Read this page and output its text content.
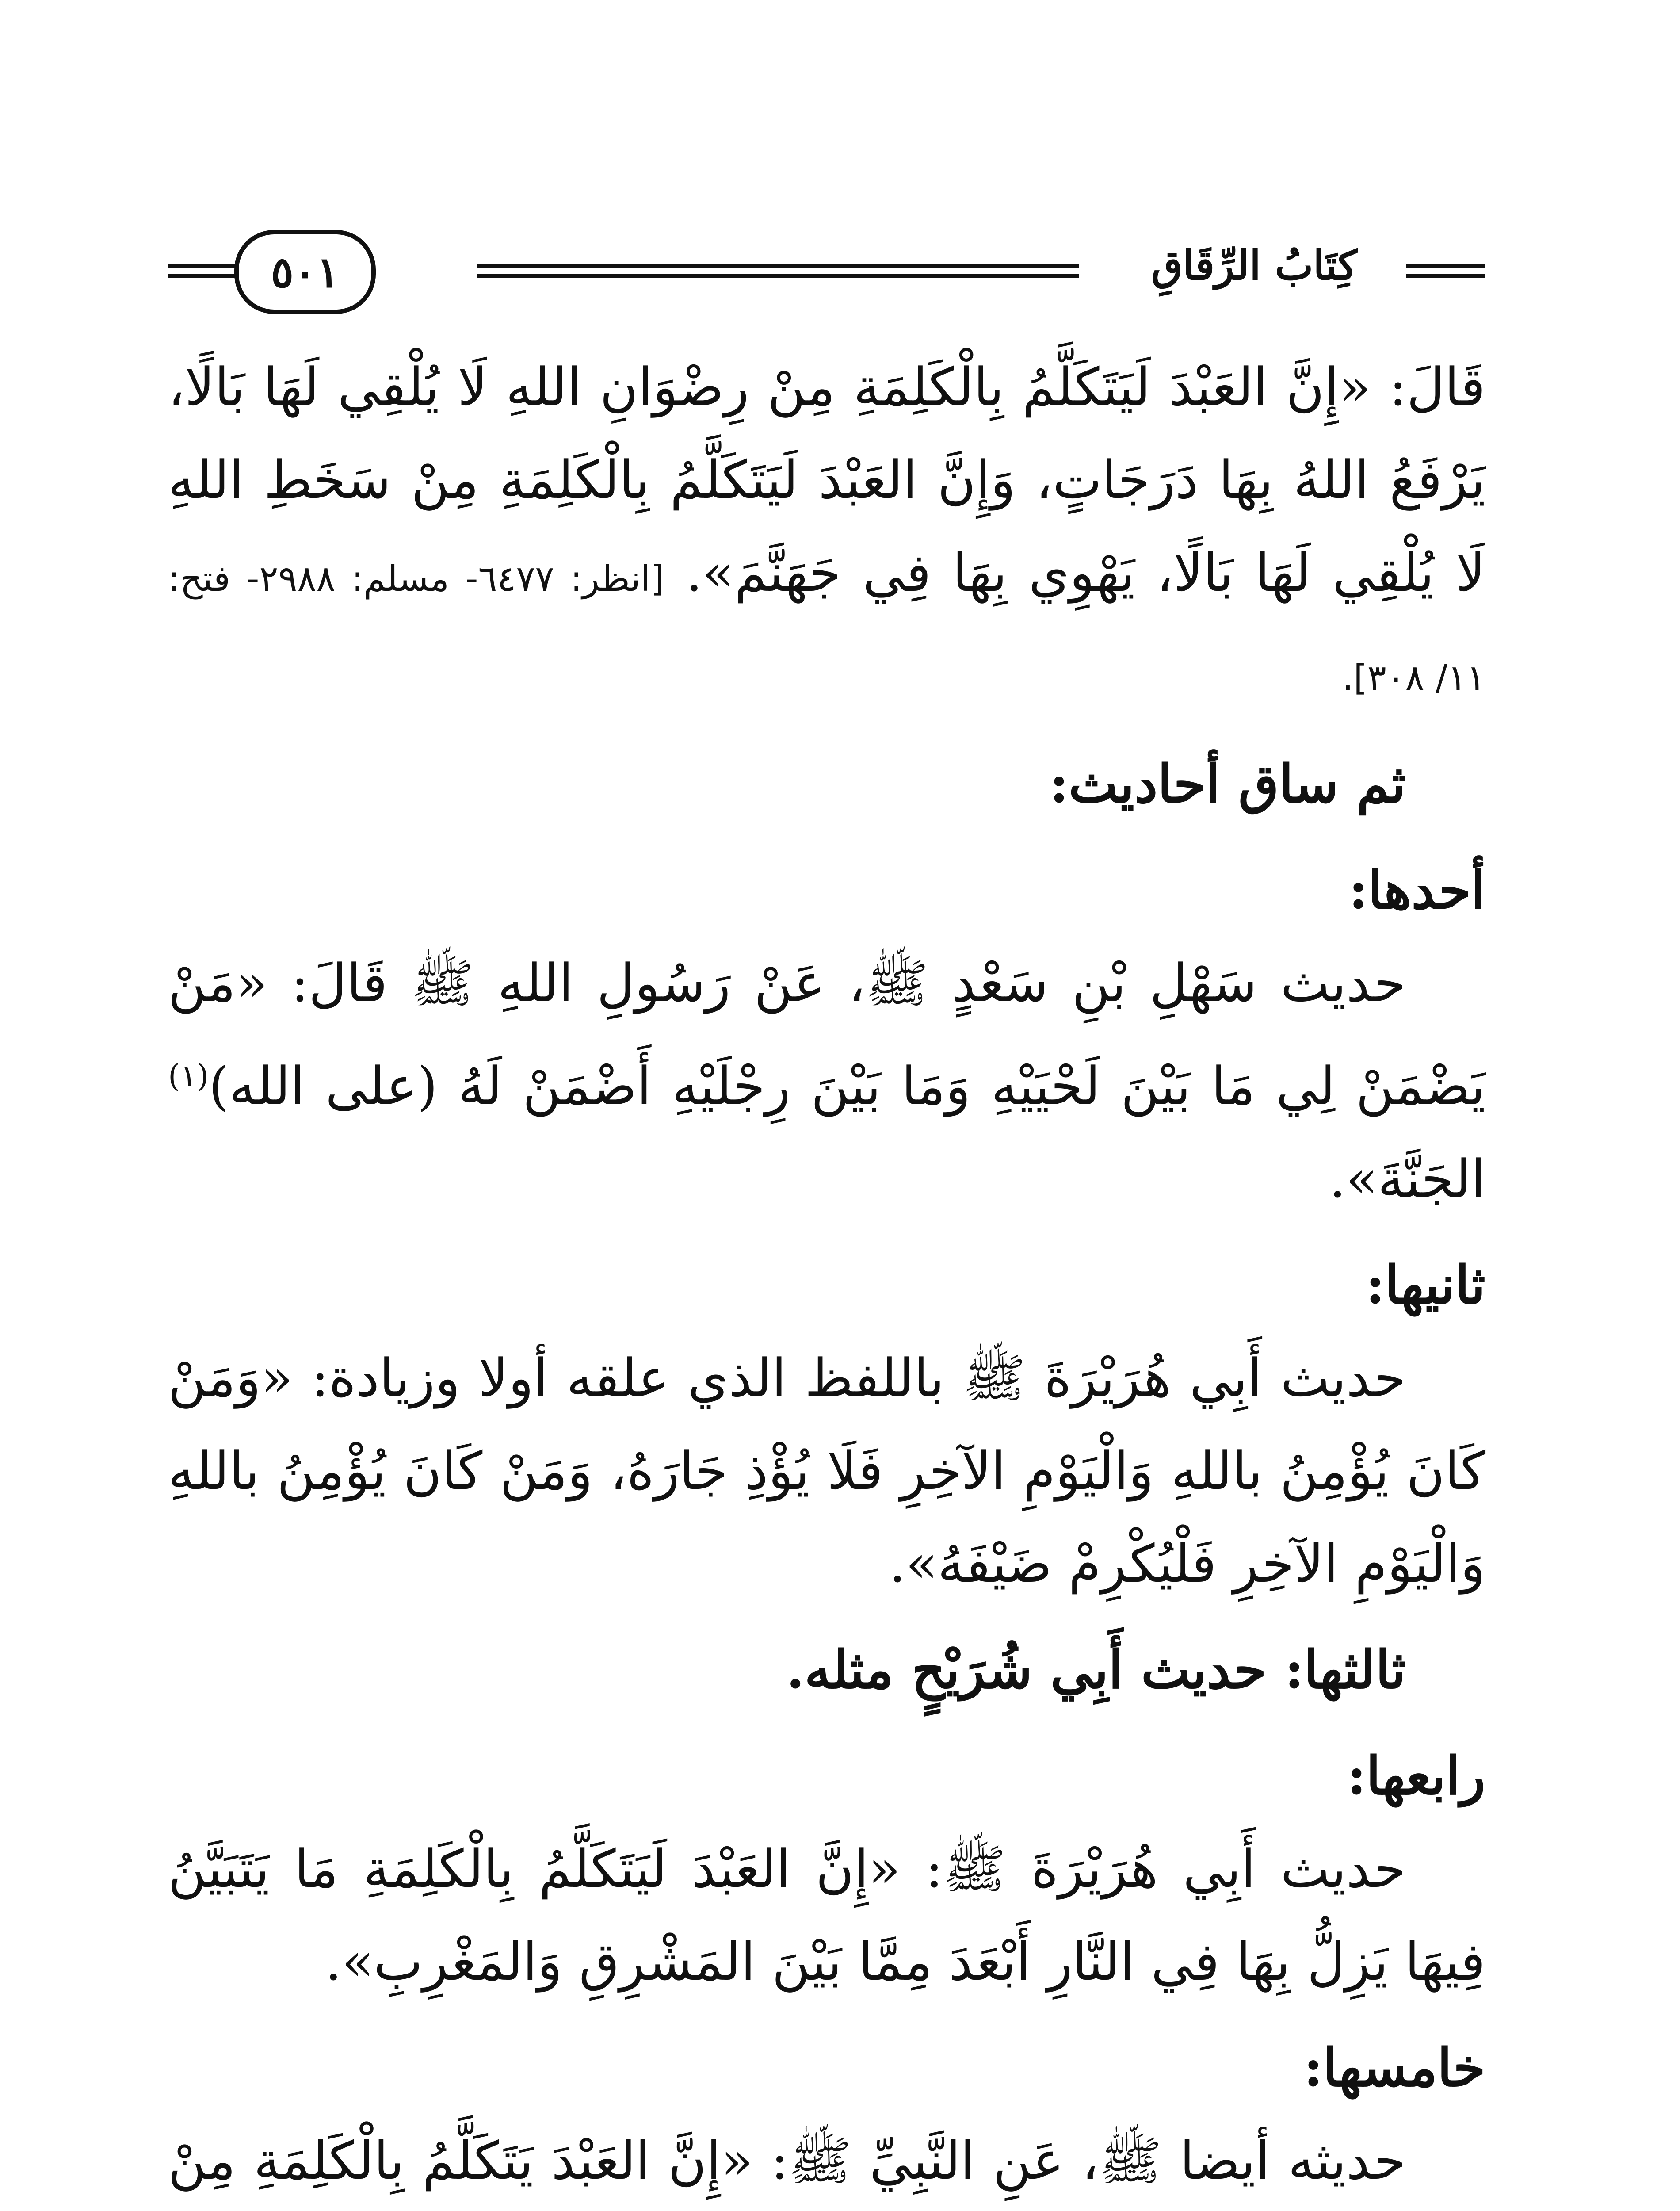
كِتَابُ الرِّقَاقِ
٥٠١

قَالَ: «إِنَّ العَبْدَ لَيَتَكَلَّمُ بِالْكَلِمَةِ مِنْ رِضْوَانِ اللهِ لَا يُلْقِي لَهَا بَالًا، يَرْفَعُ اللهُ بِهَا دَرَجَاتٍ، وَإِنَّ العَبْدَ لَيَتَكَلَّمُ بِالْكَلِمَةِ مِنْ سَخَطِ اللهِ لَا يُلْقِي لَهَا بَالًا، يَهْوِي بِهَا فِي جَهَنَّمَ». [انظر: ٦٤٧٧- مسلم: ٢٩٨٨- فتح: ١١/ ٣٠٨].

ثم ساق أحاديث:

أحدها:

حديث سَهْلِ بْنِ سَعْدٍ ﷺ، عَنْ رَسُولِ اللهِ ﷺ قَالَ: «مَنْ يَضْمَنْ لِي مَا بَيْنَ لَحْيَيْهِ وَمَا بَيْنَ رِجْلَيْهِ أَضْمَنْ لَهُ (على الله)$^{(١)}$ الجَنَّةَ».

ثانيها:

حديث أَبِي هُرَيْرَةَ ﷺ باللفظ الذي علقه أولا وزيادة: «وَمَنْ كَانَ يُؤْمِنُ باللهِ وَالْيَوْمِ الآخِرِ فَلَا يُؤْذِ جَارَهُ، وَمَنْ كَانَ يُؤْمِنُ باللهِ وَالْيَوْمِ الآخِرِ فَلْيُكْرِمْ ضَيْفَهُ».

ثالثها: حديث أَبِي شُرَيْحٍ مثله.

رابعها:

حديث أَبِي هُرَيْرَةَ ﷺ: «إِنَّ العَبْدَ لَيَتَكَلَّمُ بِالْكَلِمَةِ مَا يَتَبَيَّنُ فِيهَا يَزِلُّ بِهَا فِي النَّارِ أَبْعَدَ مِمَّا بَيْنَ المَشْرِقِ وَالمَغْرِبِ».

خامسها:

حديثه أيضا ﷺ، عَنِ النَّبِيِّ ﷺ: «إِنَّ العَبْدَ يَتَكَلَّمُ بِالْكَلِمَةِ مِنْ
